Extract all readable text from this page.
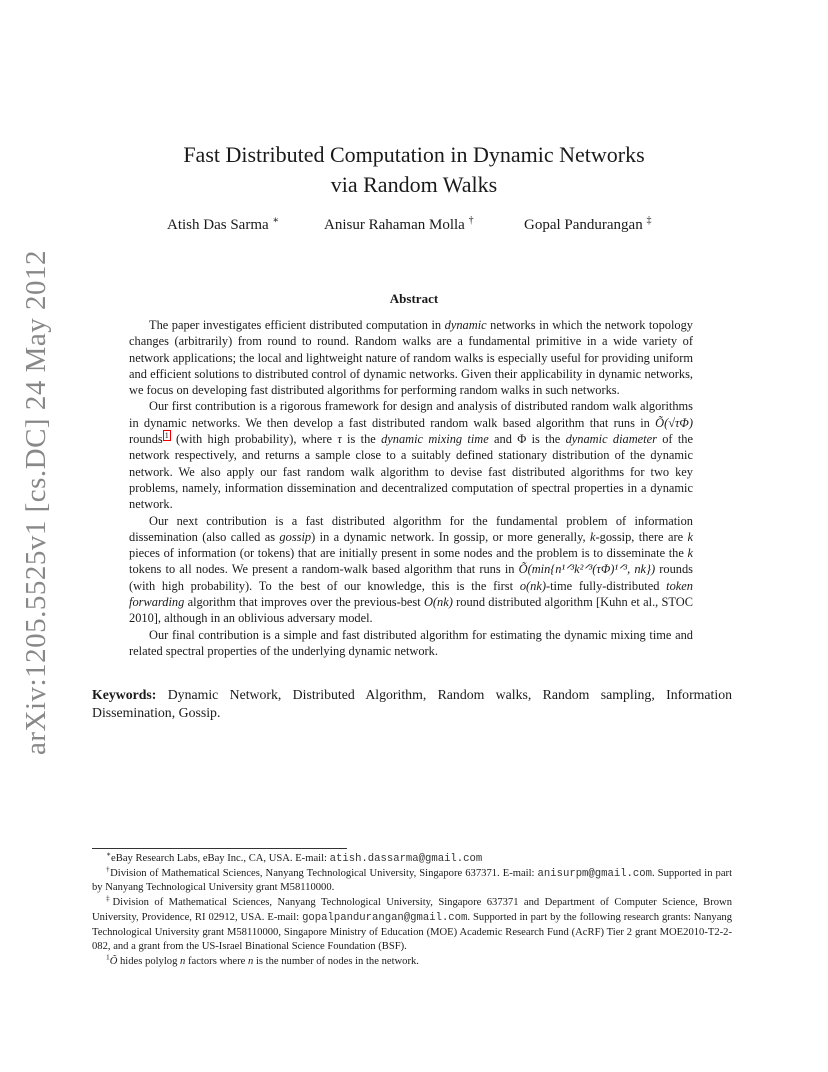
arXiv:1205.5525v1 [cs.DC] 24 May 2012
Fast Distributed Computation in Dynamic Networks
via Random Walks
Atish Das Sarma ∗	Anisur Rahaman Molla †	Gopal Pandurangan ‡
Abstract

The paper investigates efficient distributed computation in dynamic networks in which the network topology changes (arbitrarily) from round to round. Random walks are a fundamental primitive in a wide variety of network applications; the local and lightweight nature of random walks is especially useful for providing uniform and efficient solutions to distributed control of dynamic networks. Given their applicability in dynamic networks, we focus on developing fast distributed algorithms for performing random walks in such networks.

Our first contribution is a rigorous framework for design and analysis of distributed random walk algorithms in dynamic networks. We then develop a fast distributed random walk based algorithm that runs in Õ(√τΦ) rounds $^1$ (with high probability), where τ is the dynamic mixing time and Φ is the dynamic diameter of the network respectively, and returns a sample close to a suitably defined stationary distribution of the dynamic network. We also apply our fast random walk algorithm to devise fast distributed algorithms for two key problems, namely, information dissemination and decentralized computation of spectral properties in a dynamic network.

Our next contribution is a fast distributed algorithm for the fundamental problem of information dissemination (also called as gossip) in a dynamic network. In gossip, or more generally, k-gossip, there are k pieces of information (or tokens) that are initially present in some nodes and the problem is to disseminate the k tokens to all nodes. We present a random-walk based algorithm that runs in Õ(min{n¹ᐟ³k²ᐟ³(τΦ)¹ᐟ³, nk}) rounds (with high probability). To the best of our knowledge, this is the first o(nk)-time fully-distributed token forwarding algorithm that improves over the previous-best O(nk) round distributed algorithm [Kuhn et al., STOC 2010], although in an oblivious adversary model.

Our final contribution is a simple and fast distributed algorithm for estimating the dynamic mixing time and related spectral properties of the underlying dynamic network.

Keywords: Dynamic Network, Distributed Algorithm, Random walks, Random sampling, Information Dissemination, Gossip.

∗eBay Research Labs, eBay Inc., CA, USA. E-mail: atish.dassarma@gmail.com

†Division of Mathematical Sciences, Nanyang Technological University, Singapore 637371. E-mail: anisurpm@gmail.com. Supported in part by Nanyang Technological University grant M58110000.

‡Division of Mathematical Sciences, Nanyang Technological University, Singapore 637371 and Department of Computer Science, Brown University, Providence, RI 02912, USA. E-mail: gopalpandurangan@gmail.com. Supported in part by the following research grants: Nanyang Technological University grant M58110000, Singapore Ministry of Education (MOE) Academic Research Fund (AcRF) Tier 2 grant MOE2010-T2-2-082, and a grant from the US-Israel Binational Science Foundation (BSF).

$^1$Õ hides polylog n factors where n is the number of nodes in the network.
